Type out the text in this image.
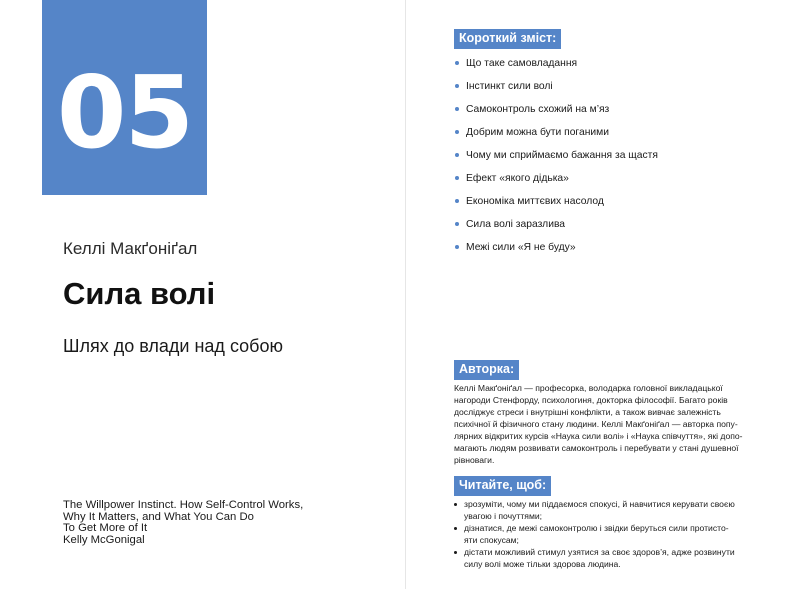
05
Келлі Макґоніґал
Сила волі
Шлях до влади над собою
The Willpower Instinct. How Self-Control Works,
Why It Matters, and What You Can Do
To Get More of It
Kelly McGonigal
Короткий зміст:
Що таке самовладання
Інстинкт сили волі
Самоконтроль схожий на м’яз
Добрим можна бути поганими
Чому ми сприймаємо бажання за щастя
Ефект «якого дідька»
Економіка миттєвих насолод
Сила волі заразлива
Межі сили «Я не буду»
Авторка:
Келлі Макґоніґал — професорка, володарка головної викладацької
нагороди Стенфорду, психологиня, докторка філософії. Багато років
досліджує стреси і внутрішні конфлікти, а також вивчає залежність
психічної й фізичного стану людини. Келлі Макґоніґал — авторка попу-
лярних відкритих курсів «Наука сили волі» і «Наука співчуття», які допо-
магають людям розвивати самоконтроль і перебувати у стані душевної
рівноваги.
Читайте, щоб:
зрозуміти, чому ми піддаємося спокусі, й навчитися керувати своєю
увагою і почуттями;
дізнатися, де межі самоконтролю і звідки беруться сили протисто-
яти спокусам;
дістати можливий стимул узятися за своє здоров’я, адже розвинути
силу волі може тільки здорова людина.
